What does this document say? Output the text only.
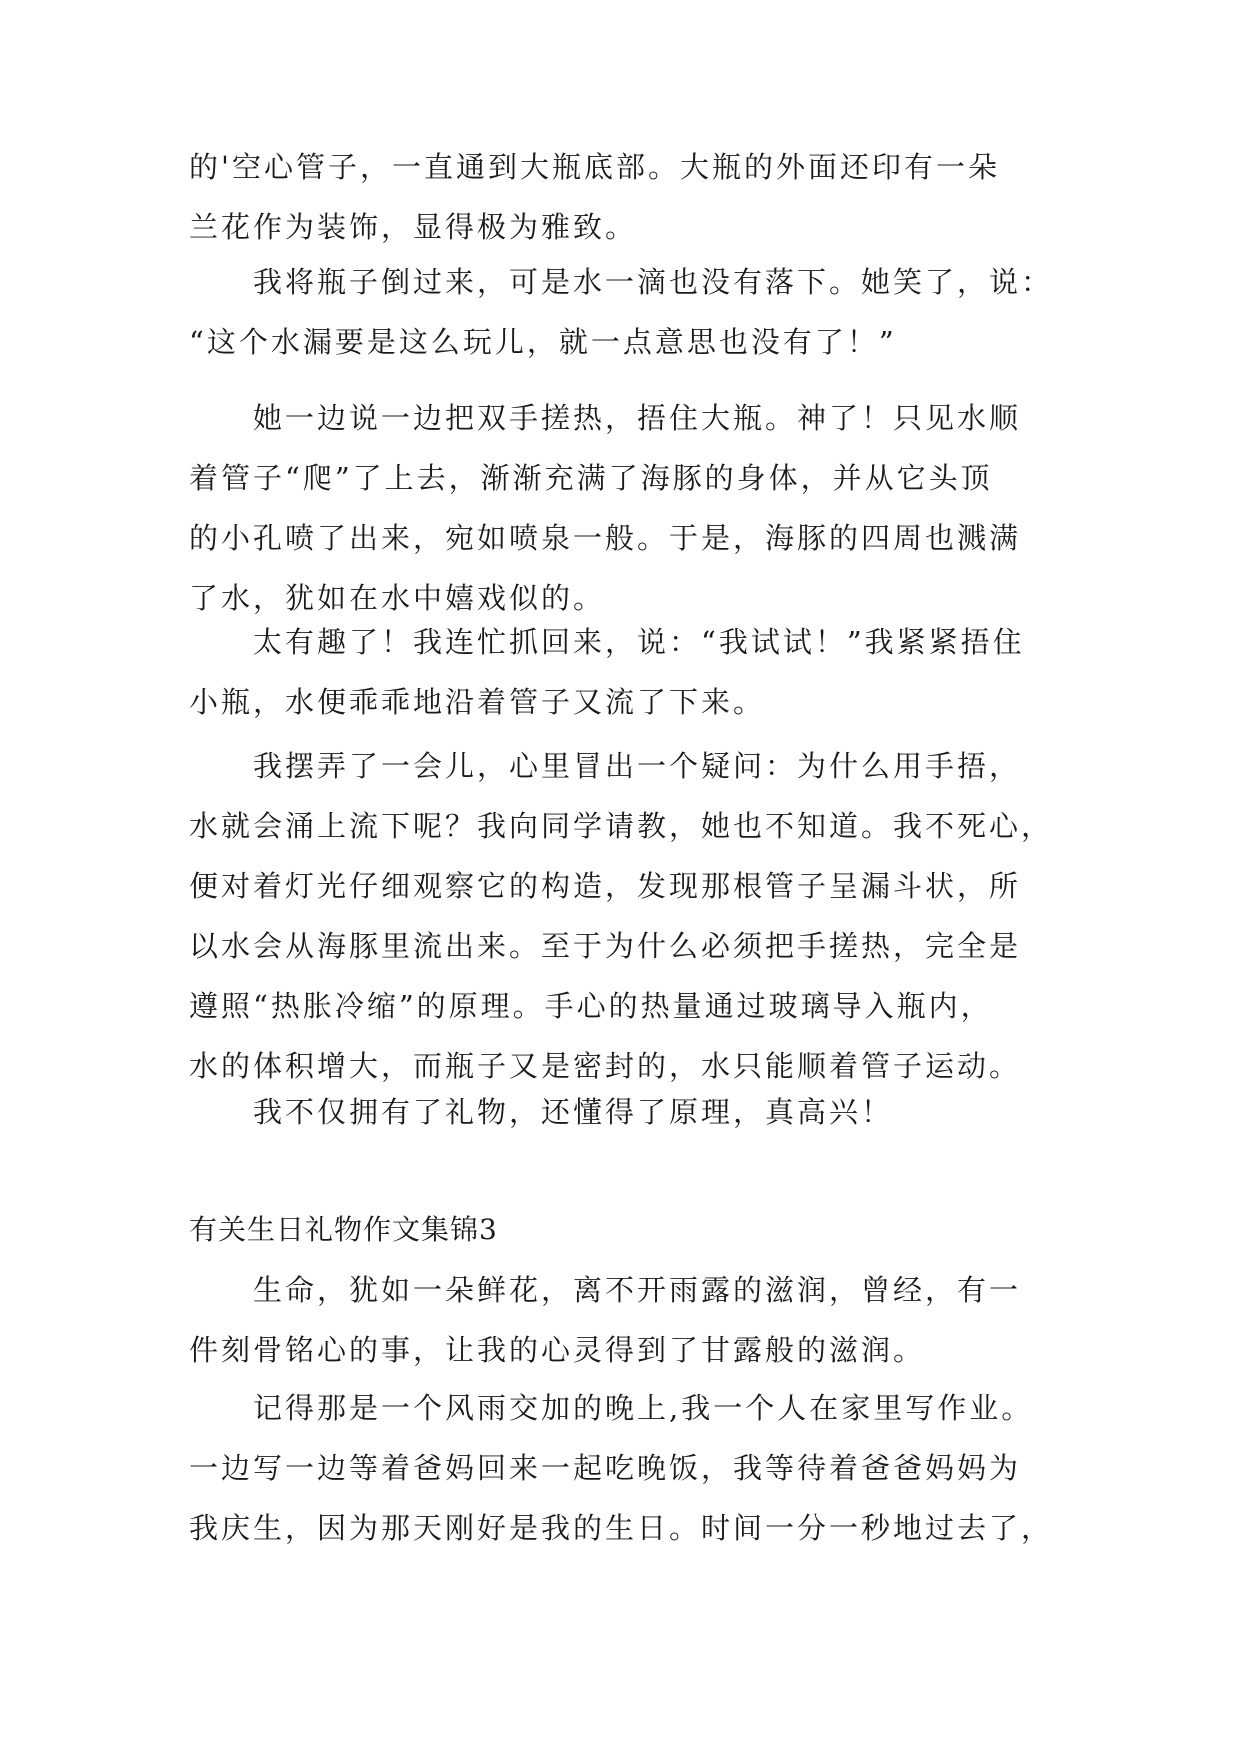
的'空心管子，一直通到大瓶底部。大瓶的外面还印有一朵
兰花作为装饰，显得极为雅致。

　　我将瓶子倒过来，可是水一滴也没有落下。她笑了，说：
“这个水漏要是这么玩儿，就一点意思也没有了！”

　　她一边说一边把双手搓热，捂住大瓶。神了！只见水顺
着管子“爬”了上去，渐渐充满了海豚的身体，并从它头顶
的小孔喷了出来，宛如喷泉一般。于是，海豚的四周也溅满
了水，犹如在水中嬉戏似的。

　　太有趣了！我连忙抓回来，说：“我试试！”我紧紧捂住
小瓶，水便乖乖地沿着管子又流了下来。

　　我摆弄了一会儿，心里冒出一个疑问：为什么用手捂，
水就会涌上流下呢？我向同学请教，她也不知道。我不死心，
便对着灯光仔细观察它的构造，发现那根管子呈漏斗状，所
以水会从海豚里流出来。至于为什么必须把手搓热，完全是
遵照“热胀冷缩”的原理。手心的热量通过玻璃导入瓶内，
水的体积增大，而瓶子又是密封的，水只能顺着管子运动。

　　我不仅拥有了礼物，还懂得了原理，真高兴！

有关生日礼物作文集锦3

　　生命，犹如一朵鲜花，离不开雨露的滋润，曾经，有一
件刻骨铭心的事，让我的心灵得到了甘露般的滋润。

　　记得那是一个风雨交加的晚上,我一个人在家里写作业。
一边写一边等着爸妈回来一起吃晚饭，我等待着爸爸妈妈为
我庆生，因为那天刚好是我的生日。时间一分一秒地过去了，
